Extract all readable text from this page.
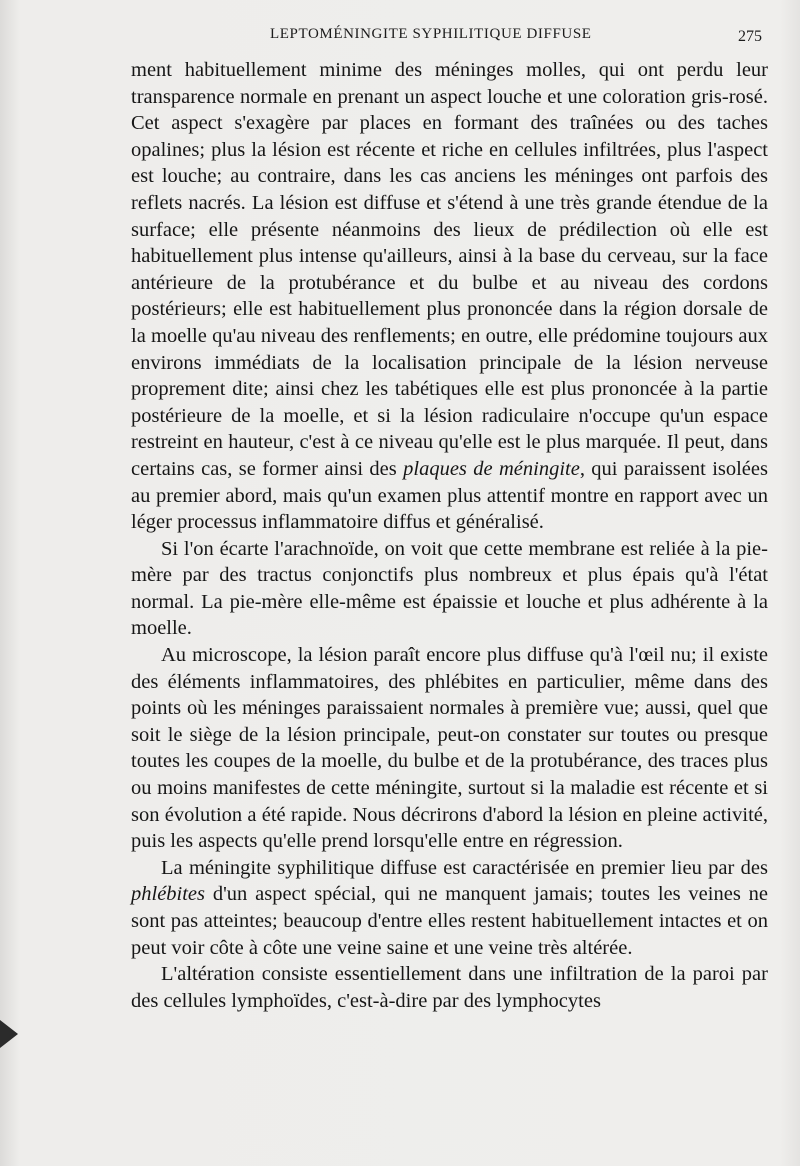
LEPTOMÉNINGITE SYPHILITIQUE DIFFUSE	275

ment habituellement minime des méninges molles, qui ont perdu leur transparence normale en prenant un aspect louche et une coloration gris-rosé. Cet aspect s'exagère par places en formant des traînées ou des taches opalines; plus la lésion est récente et riche en cellules infiltrées, plus l'aspect est louche; au contraire, dans les cas anciens les méninges ont parfois des reflets nacrés. La lésion est diffuse et s'étend à une très grande étendue de la surface; elle présente néanmoins des lieux de prédilection où elle est habituellement plus intense qu'ailleurs, ainsi à la base du cerveau, sur la face antérieure de la protubérance et du bulbe et au niveau des cordons postérieurs; elle est habituellement plus prononcée dans la région dorsale de la moelle qu'au niveau des renflements; en outre, elle prédomine toujours aux environs immédiats de la localisation principale de la lésion nerveuse proprement dite; ainsi chez les tabétiques elle est plus prononcée à la partie postérieure de la moelle, et si la lésion radiculaire n'occupe qu'un espace restreint en hauteur, c'est à ce niveau qu'elle est le plus marquée. Il peut, dans certains cas, se former ainsi des plaques de méningite, qui paraissent isolées au premier abord, mais qu'un examen plus attentif montre en rapport avec un léger processus inflammatoire diffus et généralisé.

Si l'on écarte l'arachnoïde, on voit que cette membrane est reliée à la pie-mère par des tractus conjonctifs plus nombreux et plus épais qu'à l'état normal. La pie-mère elle-même est épaissie et louche et plus adhérente à la moelle.

Au microscope, la lésion paraît encore plus diffuse qu'à l'œil nu; il existe des éléments inflammatoires, des phlébites en particulier, même dans des points où les méninges paraissaient normales à première vue; aussi, quel que soit le siège de la lésion principale, peut-on constater sur toutes ou presque toutes les coupes de la moelle, du bulbe et de la protubérance, des traces plus ou moins manifestes de cette méningite, surtout si la maladie est récente et si son évolution a été rapide. Nous décrirons d'abord la lésion en pleine activité, puis les aspects qu'elle prend lorsqu'elle entre en régression.

La méningite syphilitique diffuse est caractérisée en premier lieu par des phlébites d'un aspect spécial, qui ne manquent jamais; toutes les veines ne sont pas atteintes; beaucoup d'entre elles restent habituellement intactes et on peut voir côte à côte une veine saine et une veine très altérée.

L'altération consiste essentiellement dans une infiltration de la paroi par des cellules lymphoïdes, c'est-à-dire par des lymphocytes
